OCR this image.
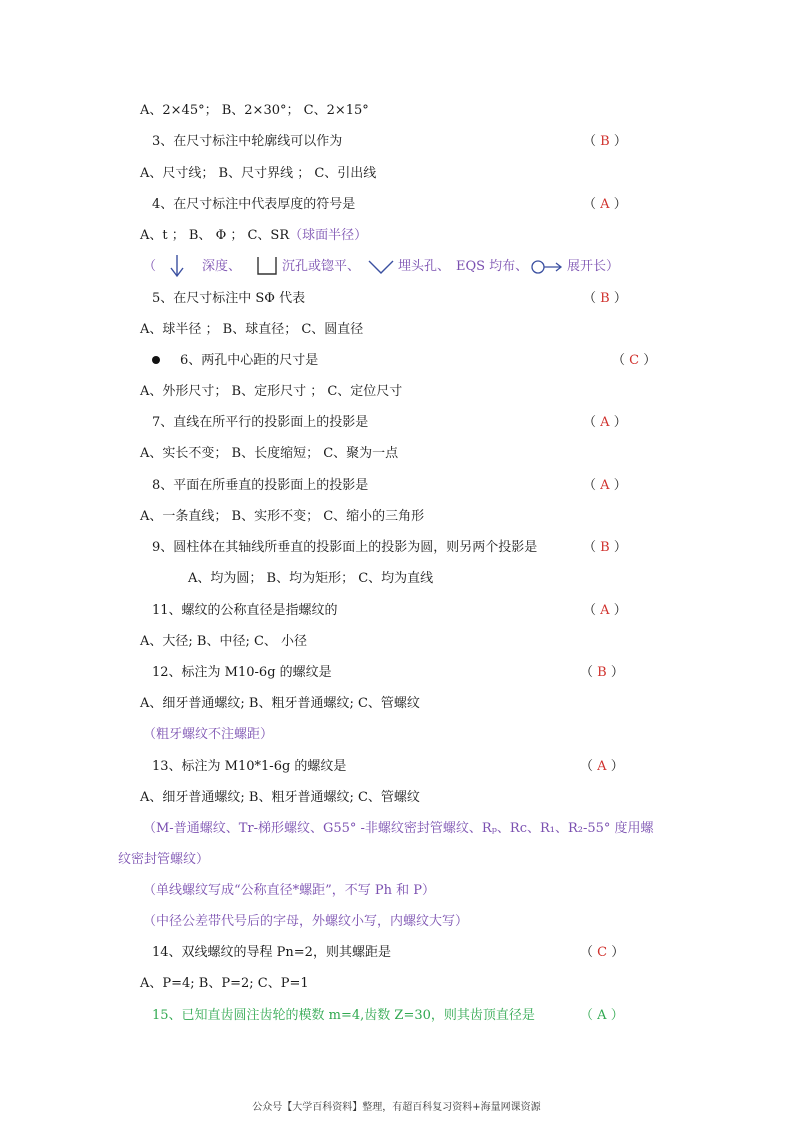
A、2×45°； B、2×30°； C、2×15°
3、在尺寸标注中轮廓线可以作为	（ B ）
A、尺寸线； B、尺寸界线 ； C、引出线
4、在尺寸标注中代表厚度的符号是	（ A ）
A、t ； B、 Φ ； C、SR（球面半径）
（	深度、	沉孔或锪平、	埋头孔、 EQS 均布、	展开长）
5、在尺寸标注中 SΦ 代表	（ B ）
A、球半径 ； B、球直径； C、圆直径
6、两孔中心距的尺寸是	（ C ）
A、外形尺寸； B、定形尺寸 ； C、定位尺寸
7、直线在所平行的投影面上的投影是	（ A ）
A、实长不变； B、长度缩短； C、聚为一点
8、平面在所垂直的投影面上的投影是	（ A ）
A、一条直线； B、实形不变； C、缩小的三角形
9、圆柱体在其轴线所垂直的投影面上的投影为圆，则另两个投影是	（ B ）
A、均为圆； B、均为矩形； C、均为直线
11、螺纹的公称直径是指螺纹的	（ A ）
A、大径; B、中径; C、 小径
12、标注为 M10-6g 的螺纹是	（ B ）
A、细牙普通螺纹; B、粗牙普通螺纹; C、管螺纹
（粗牙螺纹不注螺距）
13、标注为 M10*1-6g 的螺纹是	（ A ）
A、细牙普通螺纹; B、粗牙普通螺纹; C、管螺纹
（M-普通螺纹、Tr-梯形螺纹、G55° -非螺纹密封管螺纹、Rₚ、Rc、R₁、R₂-55° 度用螺
纹密封管螺纹）
（单线螺纹写成“公称直径*螺距”，不写 Ph 和 P）
（中径公差带代号后的字母，外螺纹小写，内螺纹大写）
14、双线螺纹的导程 Pn=2，则其螺距是	（ C ）
A、P=4; B、P=2; C、P=1
15、已知直齿圆注齿轮的模数 m=4,齿数 Z=30，则其齿顶直径是	（ A ）
公众号【大学百科资料】整理，有超百科复习资料+海量网课资源
